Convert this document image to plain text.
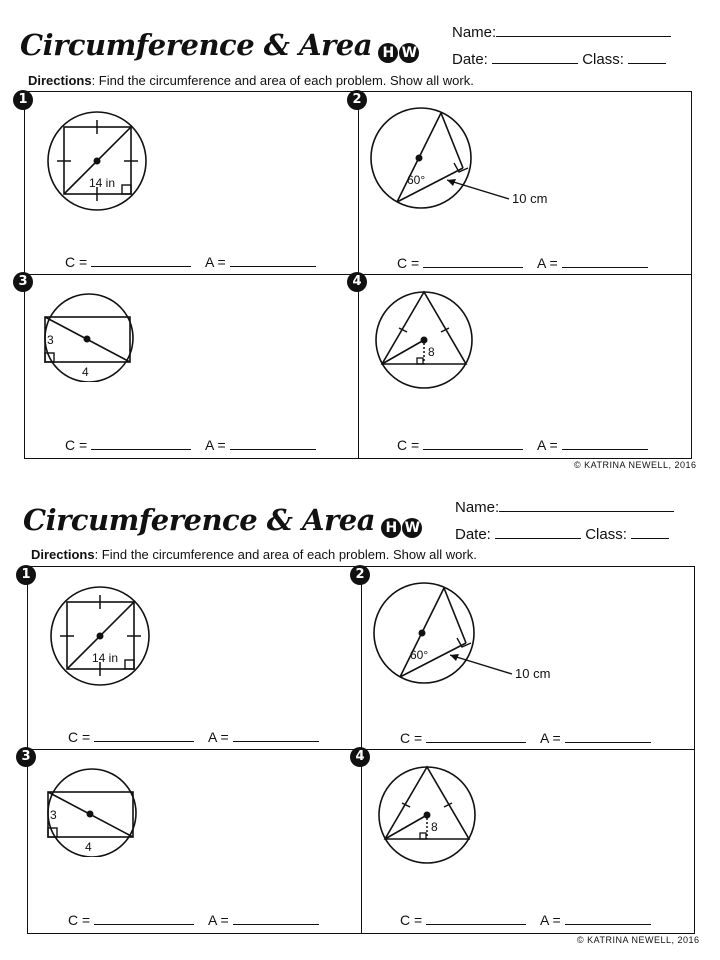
Circumference & Area H W
Name:
Date:	Class:
Directions: Find the circumference and area of each problem. Show all work.
1
14 in
C =	A =
2
60°
10 cm
C =	A =
3
3
4
C =	A =
4
8
C =	A =
© KATRINA NEWELL, 2016
Circumference & Area H W
Name:
Date:	Class:
Directions: Find the circumference and area of each problem. Show all work.
1
14 in
C =	A =
2
60°
10 cm
C =	A =
3
3
4
C =	A =
4
8
C =	A =
© KATRINA NEWELL, 2016
